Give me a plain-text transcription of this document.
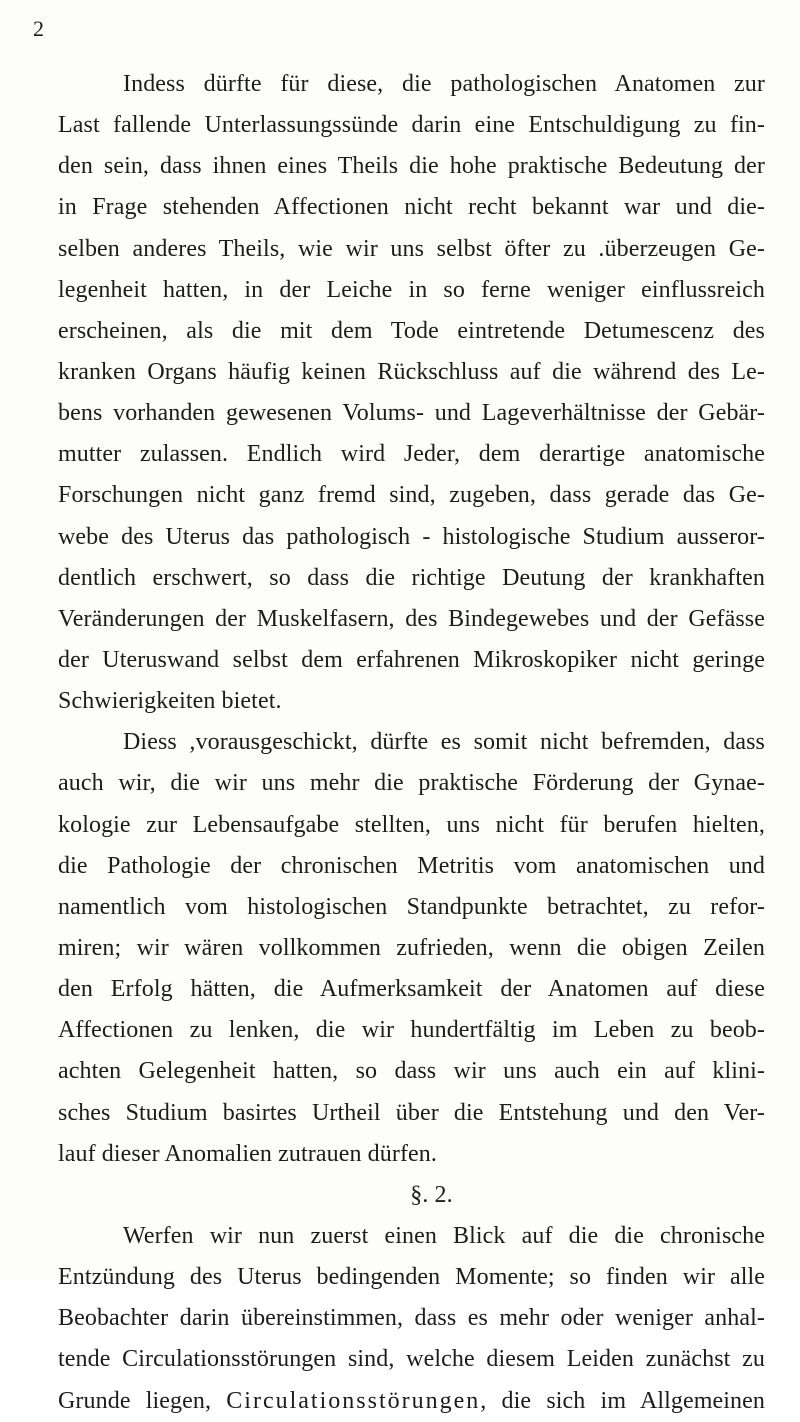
2
Indess dürfte für diese, die pathologischen Anatomen zur
Last fallende Unterlassungssünde darin eine Entschuldigung zu fin-
den sein, dass ihnen eines Theils die hohe praktische Bedeutung der
in Frage stehenden Affectionen nicht recht bekannt war und die-
selben anderes Theils, wie wir uns selbst öfter zu .überzeugen Ge-
legenheit hatten, in der Leiche in so ferne weniger einflussreich
erscheinen, als die mit dem Tode eintretende Detumescenz des
kranken Organs häufig keinen Rückschluss auf die während des Le-
bens vorhanden gewesenen Volums- und Lageverhältnisse der Gebär-
mutter zulassen. Endlich wird Jeder, dem derartige anatomische
Forschungen nicht ganz fremd sind, zugeben, dass gerade das Ge-
webe des Uterus das pathologisch - histologische Studium ausseror-
dentlich erschwert, so dass die richtige Deutung der krankhaften
Veränderungen der Muskelfasern, des Bindegewebes und der Gefässe
der Uteruswand selbst dem erfahrenen Mikroskopiker nicht geringe
Schwierigkeiten bietet.
Diess ,vorausgeschickt, dürfte es somit nicht befremden, dass
auch wir, die wir uns mehr die praktische Förderung der Gynae-
kologie zur Lebensaufgabe stellten, uns nicht für berufen hielten,
die Pathologie der chronischen Metritis vom anatomischen und
namentlich vom histologischen Standpunkte betrachtet, zu refor-
miren; wir wären vollkommen zufrieden, wenn die obigen Zeilen
den Erfolg hätten, die Aufmerksamkeit der Anatomen auf diese
Affectionen zu lenken, die wir hundertfältig im Leben zu beob-
achten Gelegenheit hatten, so dass wir uns auch ein auf klini-
sches Studium basirtes Urtheil über die Entstehung und den Ver-
lauf dieser Anomalien zutrauen dürfen.
§. 2.
Werfen wir nun zuerst einen Blick auf die die chronische
Entzündung des Uterus bedingenden Momente; so finden wir alle
Beobachter darin übereinstimmen, dass es mehr oder weniger anhal-
tende Circulationsstörungen sind, welche diesem Leiden zunächst zu
Grunde liegen, Circulationsstörungen, die sich im Allgemeinen
